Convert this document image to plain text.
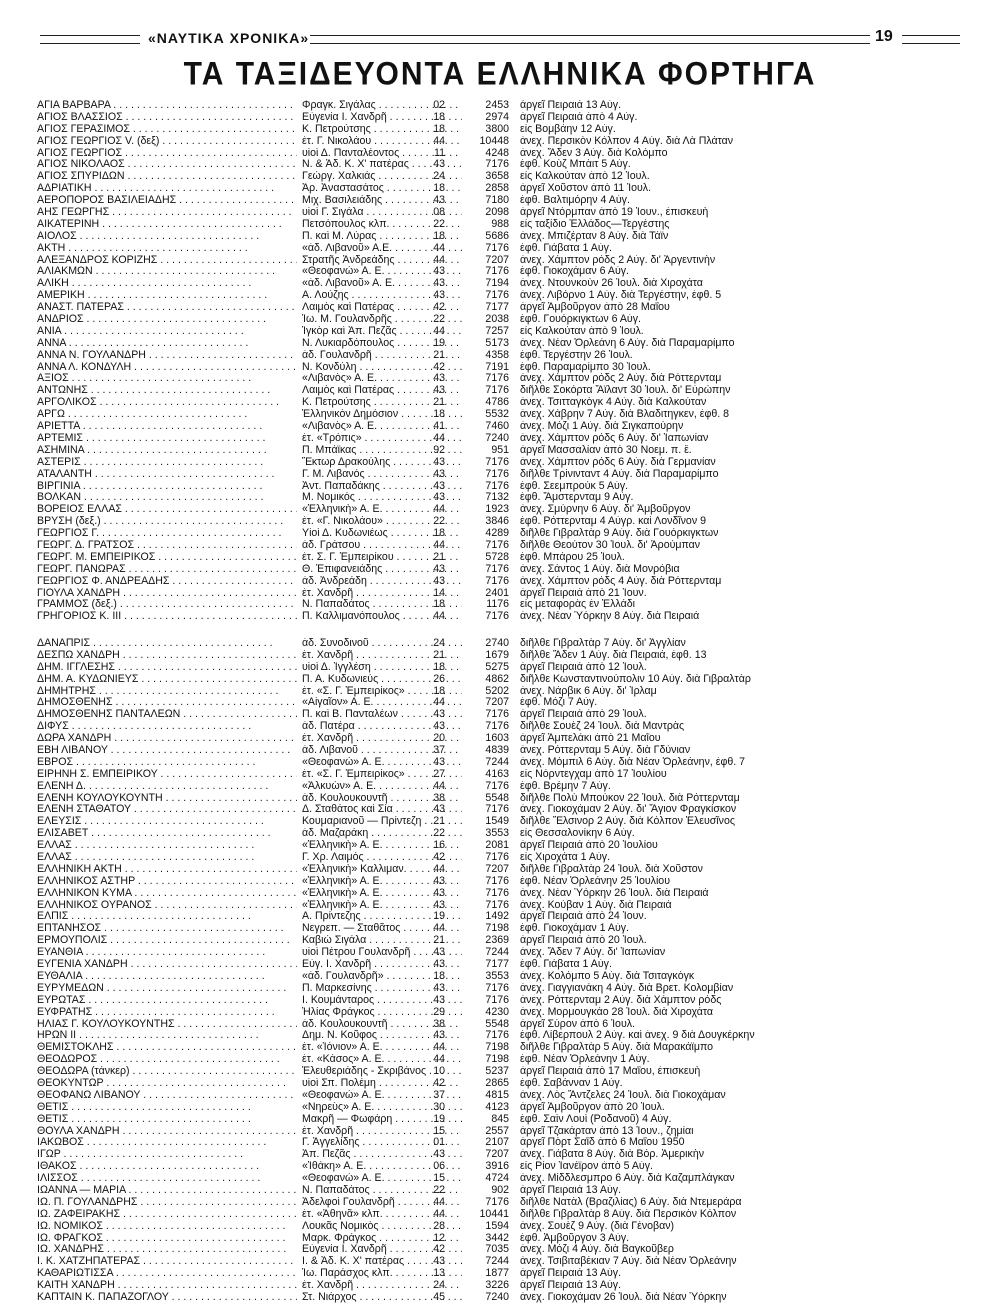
«ΝΑΥΤΙΚΑ ΧΡΟΝΙΚΑ»	19
ΤΑ ΤΑΞΙΔΕΥΟΝΤΑ ΕΛΛΗΝΙΚΑ ΦΟΡΤΗΓΑ
ΑΓΙΑ ΒΑΡΒΑΡΑ . . .	Φραγκ. Σιγάλας . . .	02	2453 άργεῖ Πειραιά 13 Αὐγ.
ΑΓΙΟΣ ΒΛΑΣΣΙΟΣ . . .	Εὐγενία Ι. Χανδρῆ . . .	18	2974 ἀργεῖ Πειραιά ἀπὸ 4 Αὐγ.
ΑΓΙΟΣ ΓΕΡΑΣΙΜΟΣ . . .	Κ. Πετρούτσης . . .	18	3800 εἰς Βομβάην 12 Αὐγ.
ΑΓΙΟΣ ΓΕΩΡΓΙΟΣ V. (δεξ) . . .	ἐτ. Γ. Νικολάου . . .	44	10448 ἀνεχ. Περσικὸν Κόλπον 4 Αὐγ. διὰ Λὰ Πλάταν
ΑΓΙΟΣ ΓΕΩΡΓΙΟΣ . . .	υἱοὶ Δ. Πανταλέοντος . . .	11	4248 ἀνεχ. Ἄδεν 3 Αὐγ. διὰ Κολόμπο
ΑΓΙΟΣ ΝΙΚΟΛΑΟΣ . . .	Ν. & Ἀδ. Κ. Χ' πατέρας . . .	43	7176 ἐφθ. Κοὺζ Μπὰιτ 5 Αὐγ.
ΑΓΙΟΣ ΣΠΥΡΙΔΩΝ . . .	Γεώργ. Χαλκιάς . . .	24	3658 εἰς Καλκούταν ἀπὸ 12 Ἰουλ.
ΑΔΡΙΑΤΙΚΗ . . .	Ἀρ. Ἀναστασάτος . . .	18	2858 ἀργεῖ Χοῦστον ἀπὸ 11 Ἰουλ.
ΑΕΡΟΠΟΡΟΣ ΒΑΣΙΛΕΙΑΔΗΣ . . .	Μιχ. Βασιλειάδης . . .	43	7180 ἐφθ. Βαλτιμόρην 4 Αὐγ.
ΑΗΣ ΓΕΩΡΓΗΣ . . .	υἱοὶ Γ. Σιγάλα . . .	08	2098 ἀργεῖ Ντόρμπαν ἀπὸ 19 Ἰουν., ἐπισκευὴ
ΑΙΚΑΤΕΡΙΝΗ . . .	Πετσόπουλος κλπ. . . .	22	988 εἰς ταξίδιο Ἑλλάδος—Τεργέστης
ΑΙΟΛΟΣ . . .	Π. καὶ Μ. Λύρας . . .	18	5686 ἀνεχ. Μπιζέρταν 8 Αὐγ. διὰ Τάϊν
ΑΚΤΗ . . .	«ἀδ. Λιβανοῦ» Α.Ε. . . .	44	7176 ἐφθ. Γιάβατα 1 Αὐγ.
ΑΛΕΞΑΝΔΡΟΣ ΚΟΡΙΖΗΣ . . .	Στρατῆς Ἀνδρεάδης . . .	44	7207 ἀνεχ. Χάμπτον ρόδς 2 Αὐγ. δι' Ἀργεντινὴν
ΑΛΙΑΚΜΩΝ . . .	«Θεοφανώ» Α. Ε. . . .	43	7176 ἐφθ. Γιοκοχάμαν 6 Αὐγ.
ΑΛΙΚΗ . . .	«ἀδ. Λιβανοῦ» Α. Ε. . . .	43	7194 ἀνεχ. Ντουνκοὺν 26 Ἰουλ. διὰ Χιροχάτα
ΑΜΕΡΙΚΗ . . .	Α. Λούζης . . .	43	7176 ἀνεχ. Λιβόρνο 1 Αὐγ. διὰ Τεργέστην, ἐφθ. 5
ΑΝΑΣΤ. ΠΑΤΕΡΑΣ . . .	Λαιμὸς καὶ Πατέρας . . .	42	7177 ἀργεῖ Ἀμβοῦργον ἀπὸ 28 Μαΐου
ΑΝΔΡΙΟΣ . . .	Ἰω. Μ. Γουλανδρῆς . . .	22	2038 ἐφθ. Γουόρκιγκτων 6 Αὐγ.
ΑΝΙΑ . . .	Ἰγκὸρ καὶ Ἀπ. Πεζᾶς . . .	44	7257 εἰς Καλκούταν ἀπὸ 9 Ἰουλ.
ΑΝΝΑ . . .	Ν. Λυκιαρδόπουλος . . .	19	5173 ἀνεχ. Νέαν Ὀρλεάνη 6 Αὐγ. διὰ Παραμαρίμπο
ΑΝΝΑ Ν. ΓΟΥΛΑΝΔΡΗ . . .	ἀδ. Γουλανδρῆ . . .	21	4358 ἐφθ. Τεργέστην 26 Ἰουλ.
ΑΝΝΑ Λ. ΚΟΝΔΥΛΗ . . .	Ν. Κονδύλη . . .	42	7191 ἐφθ. Παραμαρίμπο 30 Ἰουλ.
ΑΞΙΟΣ . . .	«Λιβανὸς» Α. Ε. . . .	43	7176 ἀνεχ. Χάμπτον ρόδς 2 Αὐγ. διὰ Ρόττερνταμ
ΑΝΤΩΝΗΣ . . .	Λαιμὸς καὶ Πατέρας . . .	43	7176 διῆλθε Σοκόρτα Ἄϊλαντ 30 Ἰουλ. δι' Εὐρώπην
ΑΡΓΟΛΙΚΟΣ . . .	Κ. Πετρούτσης . . .	21	4786 ἀνεχ. Τσιτταγκὸγκ 4 Αὐγ. διὰ Καλκούταν
ΑΡΓΩ . . .	Ἑλληνικὸν Δημόσιον . . .	18	5532 ἀνεχ. Χάβρην 7 Αὐγ. διὰ Βλαδιτηγκεν, ἐφθ. 8
ΑΡΙΕΤΤΑ . . .	«Λιβανὸς» Α. Ε. . . .	41	7460 ἀνεχ. Μόζι 1 Αὐγ. διὰ Σιγκαπούρην
ΑΡΤΕΜΙΣ . . .	ἐτ. «Τρόπις» . . .	44	7240 ἀνεχ. Χάμπτον ρόδς 6 Αὐγ. δι' Ἰαπωνίαν
ΑΣΗΜΙΝΑ . . .	Π. Μπάϊκας . . .	92	951 ἀργεῖ Μασσαλίαν ἀπὸ 30 Νοεμ. π. ἔ.
ΑΣΤΕΡΙΣ . . .	Ἕκτωρ Δρακούλης . . .	43	7176 ἀνεχ. Χάμπτον ρόδς 6 Αὐγ. διὰ Γερμανίαν
ΑΤΑΛΑΝΤΗ . . .	Γ. Μ. Λιβανός . . .	43	7176 διῆλθε Τρίνινταντ 4 Αὐγ. διὰ Παραμαρίμπο
ΒΙΡΓΙΝΙΑ . . .	Ἀντ. Παπαδάκης . . .	43	7176 ἐφθ. Σεεμπρούκ 5 Αὐγ.
ΒΟΛΚΑΝ . . .	Μ. Νομικός . . .	43	7132 ἐφθ. Ἄμστερνταμ 9 Αὐγ.
ΒΟΡΕΙΟΣ ΕΛΛΑΣ . . .	«Ἑλληνικὴ» Α. Ε. . . .	44	1923 ἀνεχ. Σμύρνην 6 Αὐγ. δι' Ἀμβοῦργον
ΒΡΥΣΗ (δεξ.) . . .	ἐτ. «Γ. Νικολάου» . . .	22	3846 ἐφθ. Ρόττερνταμ 4 Αὐγρ. καὶ Λονδῖνον 9
ΓΕΩΡΓΙΟΣ Γ. . . .	Υἱοὶ Δ. Κυδωνιέως . . .	18	4289 διῆλθε Γιβραλτὰρ 9 Αὐγ. διὰ Γουόρκιγκτων
ΓΕΩΡΓ. Δ. ΓΡΑΤΣΟΣ . . .	ἀδ. Γράτσου . . .	44	7176 διῆλθε Θεούτον 30 Ἰουλ. δι' Ἀρούμπαν
ΓΕΩΡΓ. Μ. ΕΜΠΕΙΡΙΚΟΣ . . .	ἐτ. Σ. Γ. Ἐμπειρίκου . . .	21	5728 ἐφθ. Μπάρου 25 Ἰουλ.
ΓΕΩΡΓ. ΠΑΝΩΡΑΣ . . .	Θ. Ἐπιφανειάδης . . .	43	7176 ἀνεχ. Σάντος 1 Αὐγ. διὰ Μονρόβια
ΓΕΩΡΓΙΟΣ Φ. ΑΝΔΡΕΑΔΗΣ . . .	ἀδ. Ἀνδρεάδη . . .	43	7176 ἀνεχ. Χάμπτον ρόδς 4 Αὐγ. διὰ Ρόττερνταμ
ΓΙΟΥΛΑ ΧΑΝΔΡΗ . . .	ἐτ. Χανδρῆ . . .	14	2401 ἀργεῖ Πειραιά ἀπὸ 21 Ἰουν.
ΓΡΑΜΜΟΣ (δεξ.) . . .	Ν. Παπαδάτος . . .	18	1176 εἰς μεταφορὰς ἐν Ἑλλάδι
ΓΡΗΓΟΡΙΟΣ Κ. III . . .	Π. Καλλιμανόπουλος . . .	44	7176 ἀνεχ. Νέαν Ὑόρκην 8 Αὐγ. διὰ Πειραιά
ΔΑΝΑΠΡΙΣ . . .	ἀδ. Συνοδινοῦ . . .	24	2740 διῆλθε Γιβραλτὰρ 7 Αὐγ. δι' Ἀγγλίαν
ΔΕΣΠΩ ΧΑΝΔΡΗ . . .	ἐτ. Χανδρῆ . . .	21	1679 διῆλθε Ἄδεν 1 Αὐγ. διὰ Πειραιά, ἐφθ. 13
ΔΗΜ. ΙΓΓΛΕΣΗΣ . . .	υἱοὶ Δ. Ἰγγλέση . . .	18	5275 ἀργεῖ Πειραιά ἀπὸ 12 Ἰουλ.
ΔΗΜ. Α. ΚΥΔΩΝΙΕΥΣ . . .	Π. Α. Κυδωνιεύς . . .	26	4862 διῆλθε Κωνσταντινούπολιν 10 Αὐγ. διὰ Γιβραλτὰρ
ΔΗΜΗΤΡΗΣ . . .	ἐτ. «Σ. Γ. Ἐμπειρίκος» . . .	18	5202 ἀνεχ. Νάρβικ 6 Αὐγ. δι' Ἰρλαμ
ΔΗΜΟΣΘΕΝΗΣ . . .	«Αἰγαῖον» Α. Ε. . . .	44	7207 ἐφθ. Μόζι 7 Αὐγ.
ΔΗΜΟΣΘΕΝΗΣ ΠΑΝΤΑΛΕΩΝ . . .	Π. καὶ Β. Πανταλέων . . .	43	7176 ἀργεῖ Πειραιά ἀπὸ 29 Ἰουλ.
ΔΙΦΥΣ . . .	ἀδ. Πατέρα . . .	43	7176 διῆλθε Σουὲζ 24 Ἰουλ. διὰ Μαντρὰς
ΔΩΡΑ ΧΑΝΔΡΗ . . .	ἐτ. Χανδρῆ . . .	20	1603 ἀργεῖ Ἀμπελάκι ἀπὸ 21 Μαΐου
ΕΒΗ ΛΙΒΑΝΟΥ . . .	ἀδ. Λιβανοῦ . . .	37	4839 ἀνεχ. Ρόττερνταμ 5 Αὐγ. διὰ Γδύνιαν
ΕΒΡΟΣ . . .	«Θεοφανώ» Α. Ε. . . .	43	7244 ἀνεχ. Μόμπιλ 6 Αὐγ. διὰ Νέαν Ὀρλεάνην, ἐφθ. 7
ΕΙΡΗΝΗ Σ. ΕΜΠΕΙΡΙΚΟΥ . . .	ἐτ. «Σ. Γ. Ἐμπειρίκος» . . .	27	4163 εἰς Νόρντεγχαμ ἀπὸ 17 Ἰουλίου
ΕΛΕΝΗ Δ. . . .	«Ἀλκυὼν» Α. Ε. . . .	44	7176 ἐφθ. Βρέμην 7 Αὐγ.
ΕΛΕΝΗ ΚΟΥΛΟΥΚΟΥΝΤΗ . . .	ἀδ. Κουλουκουντῆ . . .	38	5548 διῆλθε Πολὺ Μπούκον 22 Ἰουλ. διὰ Ρόττερνταμ
ΕΛΕΝΗ ΣΤΑΘΑΤΟΥ . . .	Δ. Σταθάτος καὶ Σία . . .	43	7176 ἀνεχ. Γιοκοχάμαν 2 Αὐγ. δι' Ἅγιον Φραγκίσκον
ΕΛΕΥΣΙΣ . . .	Κουμαριανοῦ — Πρίντεζη . . .	21	1549 διῆλθε Ἔλσινορ 2 Αὐγ. διὰ Κόλπον Ἐλευσῖνος
ΕΛΙΣΑΒΕΤ . . .	ἀδ. Μαζαράκη . . .	22	3553 εἰς Θεσσαλονίκην 6 Αὐγ.
ΕΛΛΑΣ . . .	«Ἑλληνικὴ» Α. Ε. . . .	16	2081 ἀργεῖ Πειραιά ἀπὸ 20 Ἰουλίου
ΕΛΛΑΣ . . .	Γ. Χρ. Λαιμός . . .	42	7176 εἰς Χιροχάτα 1 Αὐγ.
ΕΛΛΗΝΙΚΗ ΑΚΤΗ . . .	«Ἑλληνικὴ» Καλλιμαν. . . .	44	7207 διῆλθε Γιβραλτὰρ 24 Ἰουλ. διὰ Χοῦστον
ΕΛΛΗΝΙΚΟΣ ΑΣΤΗΡ . . .	«Ἑλληνικὴ» Α. Ε. . . .	43	7176 ἐφθ. Νέαν Ὀρλεάνην 25 Ἰουλίου
ΕΛΛΗΝΙΚΟΝ ΚΥΜΑ . . .	«Ἑλληνικὴ» Α. Ε. . . .	43	7176 ἀνεχ. Νέαν Ὑόρκην 26 Ἰουλ. διὰ Πειραιά
ΕΛΛΗΝΙΚΟΣ ΟΥΡΑΝΟΣ . . .	«Ἑλληνικὴ» Α. Ε. . . .	43	7176 ἀνεχ. Κούβαν 1 Αὐγ. διὰ Πειραιά
ΕΛΠΙΣ . . .	Α. Πρίντεζης . . .	19	1492 ἀργεῖ Πειραιά ἀπὸ 24 Ἰουν.
ΕΠΤΑΝΗΣΟΣ . . .	Νεγρεπ. — Σταθᾶτος . . .	44	7198 ἐφθ. Γιοκοχάμαν 1 Αὐγ.
ΕΡΜΟΥΠΟΛΙΣ . . .	Καβιώ Σιγάλα . . .	21	2369 ἀργεῖ Πειραιά ἀπὸ 20 Ἰουλ.
ΕΥΑΝΘΙΑ . . .	υἱοὶ Πέτρου Γουλανδρῆ . . .	43	7244 ἀνεχ. Ἄδεν 7 Αὐγ. δι' Ἰαπωνίαν
ΕΥΓΕΝΙΑ ΧΑΝΔΡΗ . . .	Εὐγ. Ι. Χανδρῆ . . .	43	7177 ἐφθ. Γιάβατα 1 Αὐγ.
ΕΥΘΑΛΙΑ . . .	«ἀδ. Γουλανδρῆ» . . .	18	3553 ἀνεχ. Κολόμπο 5 Αὐγ. διὰ Τσιταγκὸγκ
ΕΥΡΥΜΕΔΩΝ . . .	Π. Μαρκεσίνης . . .	43	7176 ἀνεχ. Γιαγγιανάκη 4 Αὐγ. διὰ Βρετ. Κολομβίαν
ΕΥΡΩΤΑΣ . . .	Ι. Κουμάνταρος . . .	43	7176 ἀνεχ. Ρόττερνταμ 2 Αὐγ. διὰ Χάμπτον ρόδς
ΕΥΦΡΑΤΗΣ . . .	Ἠλίας Φράγκος . . .	29	4230 ἀνεχ. Μορμουγκάο 28 Ἰουλ. διὰ Χιροχάτα
ΗΛΙΑΣ Γ. ΚΟΥΛΟΥΚΟΥΝΤΗΣ . . .	ἀδ. Κουλουκουντῆ . . .	38	5548 ἀργεῖ Σύρον ἀπὸ 6 Ἰουλ.
ΗΡΩΝ ΙΙ . . .	Δημ. Ν. Κοῦφος . . .	43	7176 ἐφθ. Λίβερπουλ 2 Αὐγ. καὶ ἀνεχ. 9 διὰ Δουγκέρκην
ΘΕΜΙΣΤΟΚΛΗΣ . . .	ἐτ. «Ἰόνιον» Α. Ε. . . .	44	7198 διῆλθε Γιβραλτὰρ 5 Αὐγ. διὰ Μαρακάϊμπο
ΘΕΟΔΩΡΟΣ . . .	ἐτ. «Κάσος» Α. Ε. . . .	44	7198 ἐφθ. Νέαν Ὀρλεάνην 1 Αὐγ.
ΘΕΟΔΩΡΑ (τάνκερ) . . .	Ἐλευθεριάδης - Σκριβάνος . . . 10	5237 ἀργεῖ Πειραιά ἀπὸ 17 Μαΐου, ἐπισκευὴ
ΘΕΟΚΥΝΤΩΡ . . .	υἱοὶ Σπ. Πολέμη . . .	42	2865 ἐφθ. Σαβάνναν 1 Αὐγ.
ΘΕΟΦΑΝΩ ΛΙΒΑΝΟΥ . . .	«Θεοφανώ» Α. Ε. . . .	37	4815 ἀνεχ. Λὸς Ἄντζελες 24 Ἰουλ. διὰ Γιοκοχάμαν
ΘΕΤΙΣ . . .	«Νηρεὺς» Α. Ε. . . .	30	4123 ἀργεῖ Ἀμβοῦργον ἀπὸ 20 Ἰουλ.
ΘΕΤΙΣ . . .	Μακρῆ — Φωφάρη . . .	19	845 ἐφθ. Σαὶν Λουὶ (Ροδανοῦ) 4 Αὐγ.
ΘΟΥΛΑ ΧΑΝΔΡΗ . . .	ἐτ. Χανδρῆ . . .	15	2557 ἀργεῖ Τζακάρταν ἀπὸ 13 Ἰουν., ζημίαι
ΙΑΚΩΒΟΣ . . .	Γ. Ἀγγελίδης . . .	01	2107 ἀργεῖ Πὸρτ Σαΐδ ἀπὸ 6 Μαΐου 1950
ΙΓΩΡ . . .	Ἀπ. Πεζᾶς . . .	43	7207 ἀνεχ. Γιάβατα 8 Αὐγ. διὰ Βόρ. Ἀμερικὴν
ΙΘΑΚΟΣ . . .	«Ἰθάκη» Α. Ε. . . .	06	3916 εἰς Ρίον Ἰανέϊρον ἀπὸ 5 Αὐγ.
ΙΛΙΣΣΟΣ . . .	«Θεοφανώ» Α. Ε. . . .	15	4724 ἀνεχ. Μίδδλεσμπρο 6 Αὐγ. διὰ Καζαμπλάγκαν
ΙΩΑΝΝΑ — ΜΑΡΙΑ . . .	Ν. Παπαδάτος . . .	22	902 ἀργεῖ Πειραιά 13 Αὐγ.
ΙΩ. Π. ΓΟΥΛΑΝΔΡΗΣ . . .	Ἀδελφοὶ Γουλανδρῆ . . .	44	7176 διῆλθε Νατὰλ (Βραζιλίας) 6 Αὐγ. διὰ Ντεμεράρα
ΙΩ. ΖΑΦΕΙΡΑΚΗΣ . . .	ἐτ. «Ἀθηνᾶ» κλπ. . . .	44	10441 διῆλθε Γιβραλτὰρ 8 Αὐγ. διὰ Περσικὸν Κόλπον
ΙΩ. ΝΟΜΙΚΟΣ . . .	Λουκᾶς Νομικὸς . . .	28	1594 ἀνεχ. Σουὲζ 9 Αὐγ. (διὰ Γένοβαν)
ΙΩ. ΦΡΑΓΚΟΣ . . .	Μαρκ. Φράγκος . . .	12	3442 ἐφθ. Ἀμβοῦργον 3 Αὐγ.
ΙΩ. ΧΑΝΔΡΗΣ . . .	Εὐγενία Ι. Χανδρῆ . . .	42	7035 ἀνεχ. Μόζι 4 Αὐγ. διὰ Βαγκοῦβερ
Ι. Κ. ΧΑΤΖΗΠΑΤΕΡΑΣ . . .	Ι. & Ἀδ. Κ. Χ' πατέρας . . .	43	7244 ἀνεχ. Τσιβιταβέκιαν 7 Αὐγ. διὰ Νέαν Ὀρλεάνην
ΚΑΘΑΡΙΩΤΙΣΣΑ . . .	Ἰω. Παράσχος κλπ. . . .	13	1877 ἀργεῖ Πειραιά 13 Αὐγ.
ΚΑΙΤΗ ΧΑΝΔΡΗ . . .	ἐτ. Χανδρῆ . . .	24	3226 ἀργεῖ Πειραιά 13 Αὐγ.
ΚΑΠΤΑΙΝ Κ. ΠΑΠΑΖΟΓΛΟΥ . . .	Στ. Νιάρχος . . .	45	7240 ἀνεχ. Γιοκοχάμαν 26 Ἰουλ. διὰ Νέαν Ὑόρκην
